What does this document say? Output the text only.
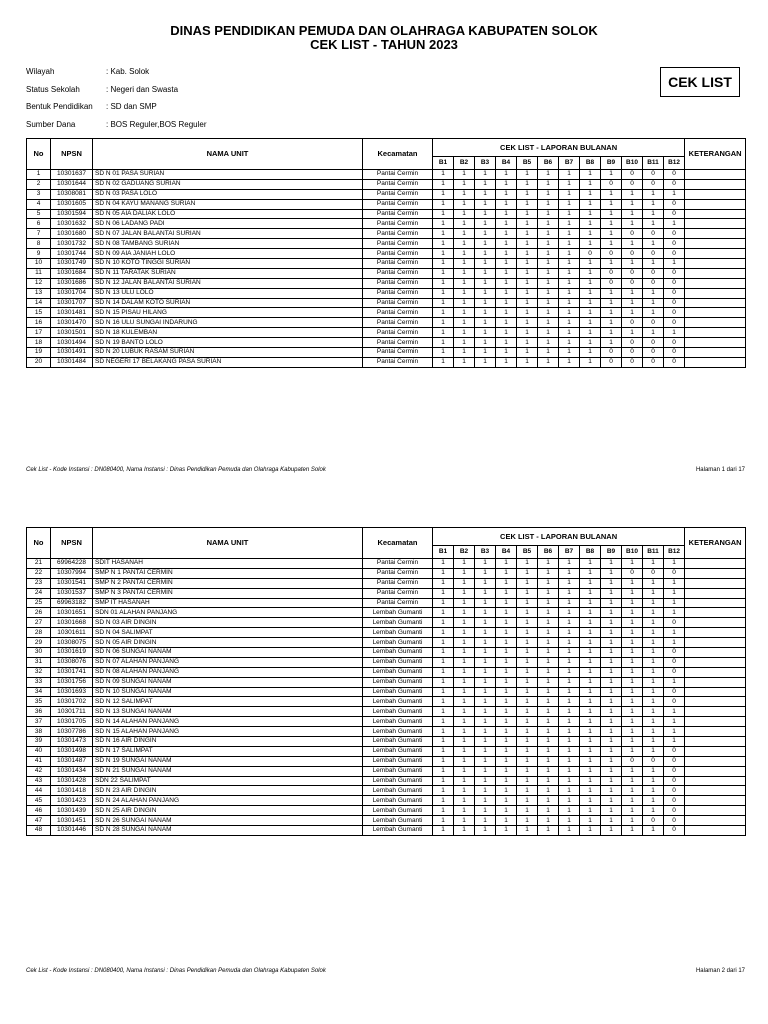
DINAS PENDIDIKAN PEMUDA DAN OLAHRAGA KABUPATEN SOLOK
CEK LIST - TAHUN 2023
Wilayah	: Kab. Solok
Status Sekolah	: Negeri dan Swasta
Bentuk Pendidikan	: SD dan SMP
Sumber Dana	: BOS Reguler,BOS Reguler
CEK LIST
No	NPSN	NAMA UNIT	Kecamatan	CEK LIST - LAPORAN BULANAN												KETERANGAN
				B1	B2	B3	B4	B5	B6	B7	B8	B9	B10	B11	B12	
1	10301637	SD N 01 PASA SURIAN	Pantai Cermin	1	1	1	1	1	1	1	1	1	0	0	0	
2	10301644	SD N 02 GADUANG SURIAN	Pantai Cermin	1	1	1	1	1	1	1	1	0	0	0	0	
3	10308081	SD N 03 PASA LOLO	Pantai Cermin	1	1	1	1	1	1	1	1	1	1	1	1	
4	10301605	SD N 04 KAYU MANANG SURIAN	Pantai Cermin	1	1	1	1	1	1	1	1	1	1	1	0	
5	10301594	SD N 05 AIA DALIAK LOLO	Pantai Cermin	1	1	1	1	1	1	1	1	1	1	1	0	
6	10301632	SD N 06 LADANG PADI	Pantai Cermin	1	1	1	1	1	1	1	1	1	1	1	1	
7	10301680	SD N 07 JALAN BALANTAI SURIAN	Pantai Cermin	1	1	1	1	1	1	1	1	1	0	0	0	
8	10301732	SD N 08 TAMBANG SURIAN	Pantai Cermin	1	1	1	1	1	1	1	1	1	1	1	0	
9	10301744	SD N 09 AIA JANIAH LOLO	Pantai Cermin	1	1	1	1	1	1	1	0	0	0	0	0	
10	10301749	SD N 10 KOTO TINGGI SURIAN	Pantai Cermin	1	1	1	1	1	1	1	1	1	1	1	1	
11	10301684	SD N 11 TARATAK SURIAN	Pantai Cermin	1	1	1	1	1	1	1	1	0	0	0	0	
12	10301686	SD N 12 JALAN BALANTAI SURIAN	Pantai Cermin	1	1	1	1	1	1	1	1	0	0	0	0	
13	10301704	SD N 13 ULU LOLO	Pantai Cermin	1	1	1	1	1	1	1	1	1	1	1	0	
14	10301707	SD N 14 DALAM KOTO SURIAN	Pantai Cermin	1	1	1	1	1	1	1	1	1	1	1	0	
15	10301481	SD N 15 PISAU HILANG	Pantai Cermin	1	1	1	1	1	1	1	1	1	1	1	0	
16	10301470	SD N 16 ULU SUNGAI INDARUNG	Pantai Cermin	1	1	1	1	1	1	1	1	1	0	0	0	
17	10301501	SD N 18 KULEMBAN	Pantai Cermin	1	1	1	1	1	1	1	1	1	1	1	1	
18	10301494	SD N 19 BANTO LOLO	Pantai Cermin	1	1	1	1	1	1	1	1	1	0	0	0	
19	10301491	SD N 20 LUBUK RASAM SURIAN	Pantai Cermin	1	1	1	1	1	1	1	1	0	0	0	0	
20	10301484	SD NEGERI 17 BELAKANG PASA SURIAN	Pantai Cermin	1	1	1	1	1	1	1	1	0	0	0	0	
Cek List - Kode Instansi : DN080400, Nama Instansi : Dinas Pendidikan Pemuda dan Olahraga Kabupaten Solok	Halaman 1 dari 17
No	NPSN	NAMA UNIT	Kecamatan	CEK LIST - LAPORAN BULANAN												KETERANGAN
				B1	B2	B3	B4	B5	B6	B7	B8	B9	B10	B11	B12	
21	69964228	SDIT HASANAH	Pantai Cermin	1	1	1	1	1	1	1	1	1	1	1	1	
22	10307994	SMP N 1 PANTAI CERMIN	Pantai Cermin	1	1	1	1	1	1	1	1	1	0	0	0	
23	10301541	SMP N 2 PANTAI CERMIN	Pantai Cermin	1	1	1	1	1	1	1	1	1	1	1	1	
24	10301537	SMP N 3 PANTAI CERMIN	Pantai Cermin	1	1	1	1	1	1	1	1	1	1	1	1	
25	69963182	SMP IT HASANAH	Pantai Cermin	1	1	1	1	1	1	1	1	1	1	1	1	
26	10301651	SDN 01 ALAHAN PANJANG	Lembah Gumanti	1	1	1	1	1	1	1	1	1	1	1	1	
27	10301668	SD N 03 AIR DINGIN	Lembah Gumanti	1	1	1	1	1	1	1	1	1	1	1	0	
28	10301611	SD N 04 SALIMPAT	Lembah Gumanti	1	1	1	1	1	1	1	1	1	1	1	1	
29	10308075	SD N 05 AIR DINGIN	Lembah Gumanti	1	1	1	1	1	1	1	1	1	1	1	1	
30	10301619	SD N 06 SUNGAI NANAM	Lembah Gumanti	1	1	1	1	1	1	1	1	1	1	1	0	
31	10308076	SD N 07 ALAHAN PANJANG	Lembah Gumanti	1	1	1	1	1	1	1	1	1	1	1	0	
32	10301741	SD N 08 ALAHAN PANJANG	Lembah Gumanti	1	1	1	1	1	1	1	1	1	1	1	0	
33	10301756	SD N 09 SUNGAI NANAM	Lembah Gumanti	1	1	1	1	1	1	1	1	1	1	1	1	
34	10301693	SD N 10 SUNGAI NANAM	Lembah Gumanti	1	1	1	1	1	1	1	1	1	1	1	0	
35	10301702	SD N 12 SALIMPAT	Lembah Gumanti	1	1	1	1	1	1	1	1	1	1	1	0	
36	10301711	SD N 13 SUNGAI NANAM	Lembah Gumanti	1	1	1	1	1	1	1	1	1	1	1	1	
37	10301705	SD N 14 ALAHAN PANJANG	Lembah Gumanti	1	1	1	1	1	1	1	1	1	1	1	1	
38	10307786	SD N 15 ALAHAN PANJANG	Lembah Gumanti	1	1	1	1	1	1	1	1	1	1	1	1	
39	10301473	SD N 16 AIR DINGIN	Lembah Gumanti	1	1	1	1	1	1	1	1	1	1	1	1	
40	10301498	SD N 17 SALIMPAT	Lembah Gumanti	1	1	1	1	1	1	1	1	1	1	1	0	
41	10301487	SD N 19 SUNGAI NANAM	Lembah Gumanti	1	1	1	1	1	1	1	1	1	0	0	0	
42	10301434	SD N 21 SUNGAI NANAM	Lembah Gumanti	1	1	1	1	1	1	1	1	1	1	1	0	
43	10301428	SDN 22 SALIMPAT	Lembah Gumanti	1	1	1	1	1	1	1	1	1	1	1	0	
44	10301418	SD N 23 AIR DINGIN	Lembah Gumanti	1	1	1	1	1	1	1	1	1	1	1	0	
45	10301423	SD N 24 ALAHAN PANJANG	Lembah Gumanti	1	1	1	1	1	1	1	1	1	1	1	0	
46	10301439	SD N 25 AIR DINGIN	Lembah Gumanti	1	1	1	1	1	1	1	1	1	1	1	0	
47	10301451	SD N 26 SUNGAI NANAM	Lembah Gumanti	1	1	1	1	1	1	1	1	1	1	0	0	
48	10301446	SD N 28 SUNGAI NANAM	Lembah Gumanti	1	1	1	1	1	1	1	1	1	1	1	0	
Cek List - Kode Instansi : DN080400, Nama Instansi : Dinas Pendidikan Pemuda dan Olahraga Kabupaten Solok	Halaman 2 dari 17
